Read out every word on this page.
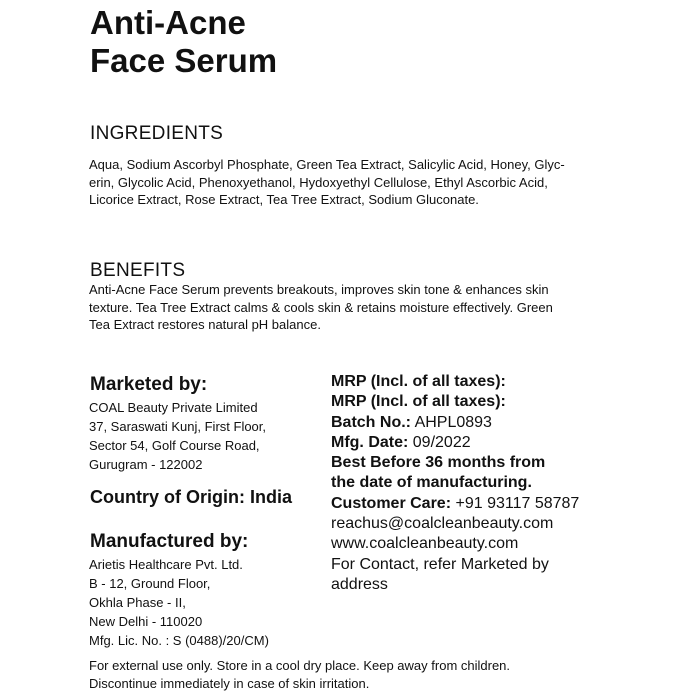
Anti-Acne
Face Serum
INGREDIENTS
Aqua, Sodium Ascorbyl Phosphate, Green Tea Extract, Salicylic Acid, Honey, Glyc-
erin, Glycolic Acid, Phenoxyethanol, Hydoxyethyl Cellulose, Ethyl Ascorbic Acid,
Licorice Extract, Rose Extract, Tea Tree Extract, Sodium Gluconate.
BENEFITS
Anti-Acne Face Serum prevents breakouts, improves skin tone & enhances skin
texture. Tea Tree Extract calms & cools skin & retains moisture effectively. Green
Tea Extract restores natural pH balance.
Marketed by:
COAL Beauty Private Limited
37, Saraswati Kunj, First Floor,
Sector 54, Golf Course Road,
Gurugram - 122002
Country of Origin: India
Manufactured by:
Arietis Healthcare Pvt. Ltd.
B - 12, Ground Floor,
Okhla Phase - II,
New Delhi - 110020
Mfg. Lic. No. : S (0488)/20/CM)
MRP (Incl. of all taxes):
MRP (Incl. of all taxes):
Batch No.: AHPL0893
Mfg. Date: 09/2022
Best Before 36 months from
the date of manufacturing.
Customer Care: +91 93117 58787
reachus@coalcleanbeauty.com
www.coalcleanbeauty.com
For Contact, refer Marketed by
address
For external use only. Store in a cool dry place. Keep away from children.
Discontinue immediately in case of skin irritation.
